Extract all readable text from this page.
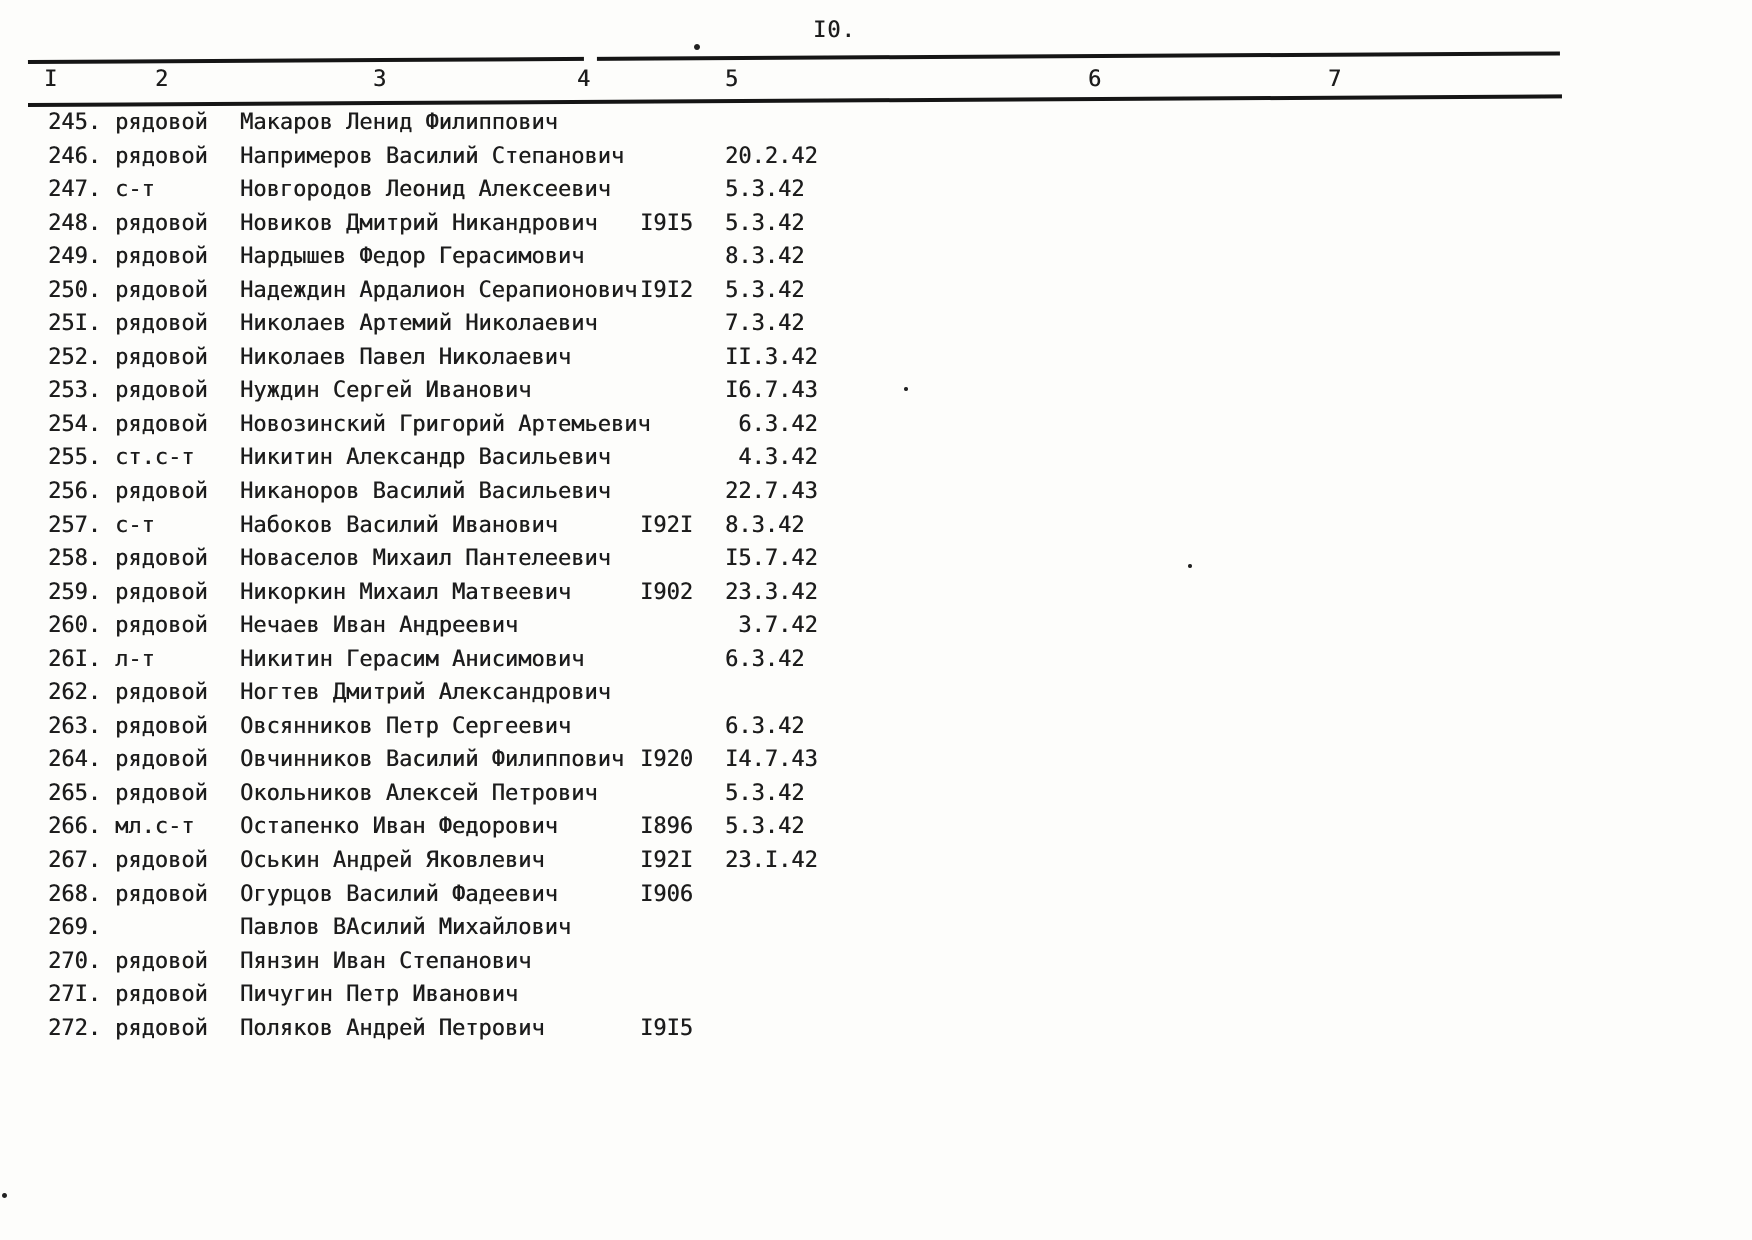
I0.
I	2	3	4	5	6	7
245. рядовой Макаров Ленид Филиппович
246. рядовой Напримеров Василий Степанович	20.2.42
247. с-т	Новгородов Леонид Алексеевич	5.3.42
248. рядовой Новиков Дмитрий Никандрович I9I5 5.3.42
249. рядовой Нардышев Федор Герасимович	8.3.42
250. рядовой Надеждин Ардалион Серапионович I9I2 5.3.42
25I. рядовой Николаев Артемий Николаевич	7.3.42
252. рядовой Николаев Павел Николаевич	II.3.42
253. рядовой Нуждин Сергей Иванович	I6.7.43
254. рядовой Новозинский Григорий Артемьевич	6.3.42
255. ст.с-т Никитин Александр Васильевич	4.3.42
256. рядовой Никаноров Василий Васильевич	22.7.43
257. с-т	Набоков Василий Иванович	I92I 8.3.42
258. рядовой Новаселов Михаил Пантелеевич	I5.7.42
259. рядовой Никоркин Михаил Матвеевич	I902 23.3.42
260. рядовой Нечаев Иван Андреевич	3.7.42
26I. л-т	Никитин Герасим Анисимович	6.3.42
262. рядовой Ногтев Дмитрий Александрович
263. рядовой Овсянников Петр Сергеевич	6.3.42
264. рядовой Овчинников Василий Филиппович I920 I4.7.43
265. рядовой Окольников Алексей Петрович	5.3.42
266. мл.с-т Остапенко Иван Федорович	I896 5.3.42
267. рядовой Оськин Андрей Яковлевич	I92I 23.I.42
268. рядовой Огурцов Василий Фадеевич	I906
269.	Павлов ВАсилий Михайлович
270. рядовой Пянзин Иван Степанович
27I. рядовой Пичугин Петр Иванович
272. рядовой Поляков Андрей Петрович	I9I5
